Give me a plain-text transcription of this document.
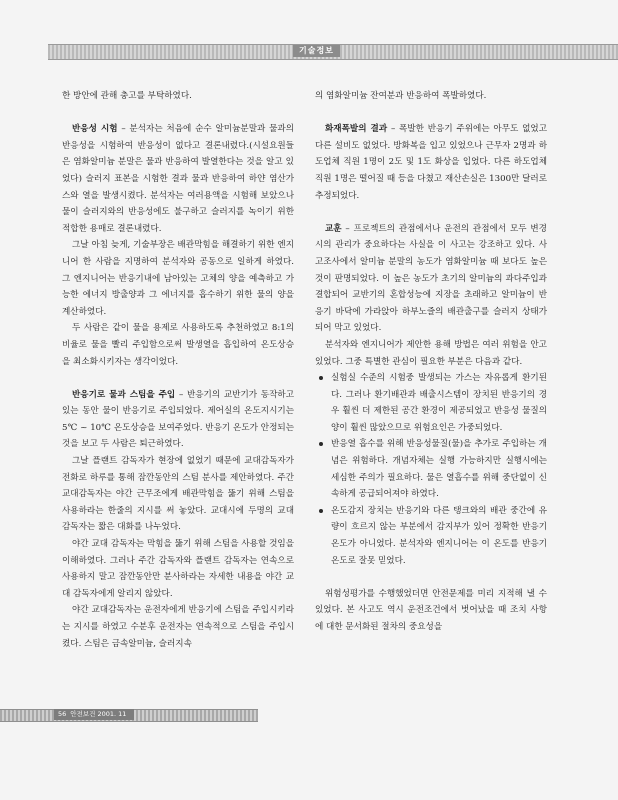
기술정보

한 방안에 관해 충고를 부탁하였다.

반응성 시험 – 분석자는 처음에 순수 알미늄분말과 물과의 반응성을 시험하여 반응성이 없다고 결론내렸다.(시설요원들은 염화알미늄 분말은 물과 반응하여 발열한다는 것을 알고 있었다) 슬러지 표본을 시험한 결과 물과 반응하여 하얀 염산가스와 열을 발생시켰다. 분석자는 여러용액을 시험해 보았으나 물이 슬러지와의 반응성에도 불구하고 슬러지를 녹이기 위한 적합한 용매로 결론내렸다.

그날 아침 늦게, 기술부장은 배관막힘을 해결하기 위한 엔지니어 한 사람을 지명하여 분석자와 공동으로 일하게 하였다. 그 엔지니어는 반응기내에 남아있는 고체의 양을 예측하고 가능한 에너지 방출양과 그 에너지를 흡수하기 위한 물의 양을 계산하였다.

두 사람은 같이 물을 용제로 사용하도록 추천하였고 8:1의 비율로 물을 빨리 주입함으로써 발생열을 흡입하여 온도상승을 최소화시키자는 생각이었다.

반응기로 물과 스팀을 주입 – 반응기의 교반기가 동작하고 있는 동안 물이 반응기로 주입되었다. 제어실의 온도지시기는 5℃ ~ 10℃ 온도상승을 보여주었다. 반응기 온도가 안정되는 것을 보고 두 사람은 퇴근하였다.

그날 플랜트 감독자가 현장에 없었기 때문에 교대감독자가 전화로 하루를 통해 잠깐동안의 스팀 분사를 제안하였다. 주간 교대감독자는 야간 근무조에게 배관막힘을 뚫기 위해 스팀을 사용하라는 한줄의 지시를 써 놓았다. 교대시에 두명의 교대 감독자는 짧은 대화를 나누었다.

야간 교대 감독자는 막힘을 뚫기 위해 스팀을 사용할 것임을 이해하였다. 그러나 주간 감독자와 플랜트 감독자는 연속으로 사용하지 말고 잠깐동안만 분사하라는 자세한 내용을 야간 교대 감독자에게 알리지 않았다.

야간 교대감독자는 운전자에게 반응기에 스팀을 주입시키라는 지시를 하였고 수분후 운전자는 연속적으로 스팀을 주입시켰다. 스팀은 금속알미늄, 슬러지속

의 염화알미늄 잔여분과 반응하여 폭발하였다.

화재폭발의 결과 – 폭발한 반응기 주위에는 아무도 없었고 다른 설비도 없었다. 방화복을 입고 있었으나 근무자 2명과 하도업체 직원 1명이 2도 및 1도 화상을 입었다. 다른 하도업체 직원 1명은 떨어질 때 등을 다쳤고 재산손실은 1300만 달러로 추정되었다.

교훈 – 프로젝트의 관점에서나 운전의 관점에서 모두 변경시의 관리가 중요하다는 사실을 이 사고는 강조하고 있다. 사고조사에서 알미늄 분말의 농도가 염화알미늄 때 보다도 높은 것이 판명되었다. 이 높은 농도가 초기의 알미늄의 과다주입과 결합되어 교반기의 혼합성능에 지장을 초래하고 알미늄이 반응기 바닥에 가라앉아 하부노즐의 배관출구를 슬러지 상태가 되어 막고 있었다.

분석자와 엔지니어가 제안한 용해 방법은 여러 위험을 안고 있었다. 그중 특별한 관심이 필요한 부분은 다음과 같다.

실험실 수준의 시험중 발생되는 가스는 자유롭게 환기된다. 그러나 환기배관과 배출시스템이 장치된 반응기의 경우 훨씬 더 제한된 공간 환경이 제공되었고 반응성 물질의 양이 훨씬 많았으므로 위험요인은 가중되었다.
반응열 흡수를 위해 반응성물질(물)을 추가로 주입하는 개념은 위험하다. 개념자체는 실행 가능하지만 실행시에는 세심한 주의가 필요하다. 물은 열흡수를 위해 중단없이 신속하게 공급되어져야 하였다.
온도감지 장치는 반응기와 다른 탱크와의 배관 중간에 유량이 흐르지 않는 부분에서 감지부가 있어 정확한 반응기 온도가 아니었다. 분석자와 엔지니어는 이 온도를 반응기 온도로 잘못 믿었다.

위험성평가를 수행했었더면 안전문제를 미리 지적해 낼 수 있었다. 본 사고도 역시 운전조건에서 벗어났을 때 조치 사항에 대한 문서화된 절차의 중요성을

56 안전보건 2001. 11
